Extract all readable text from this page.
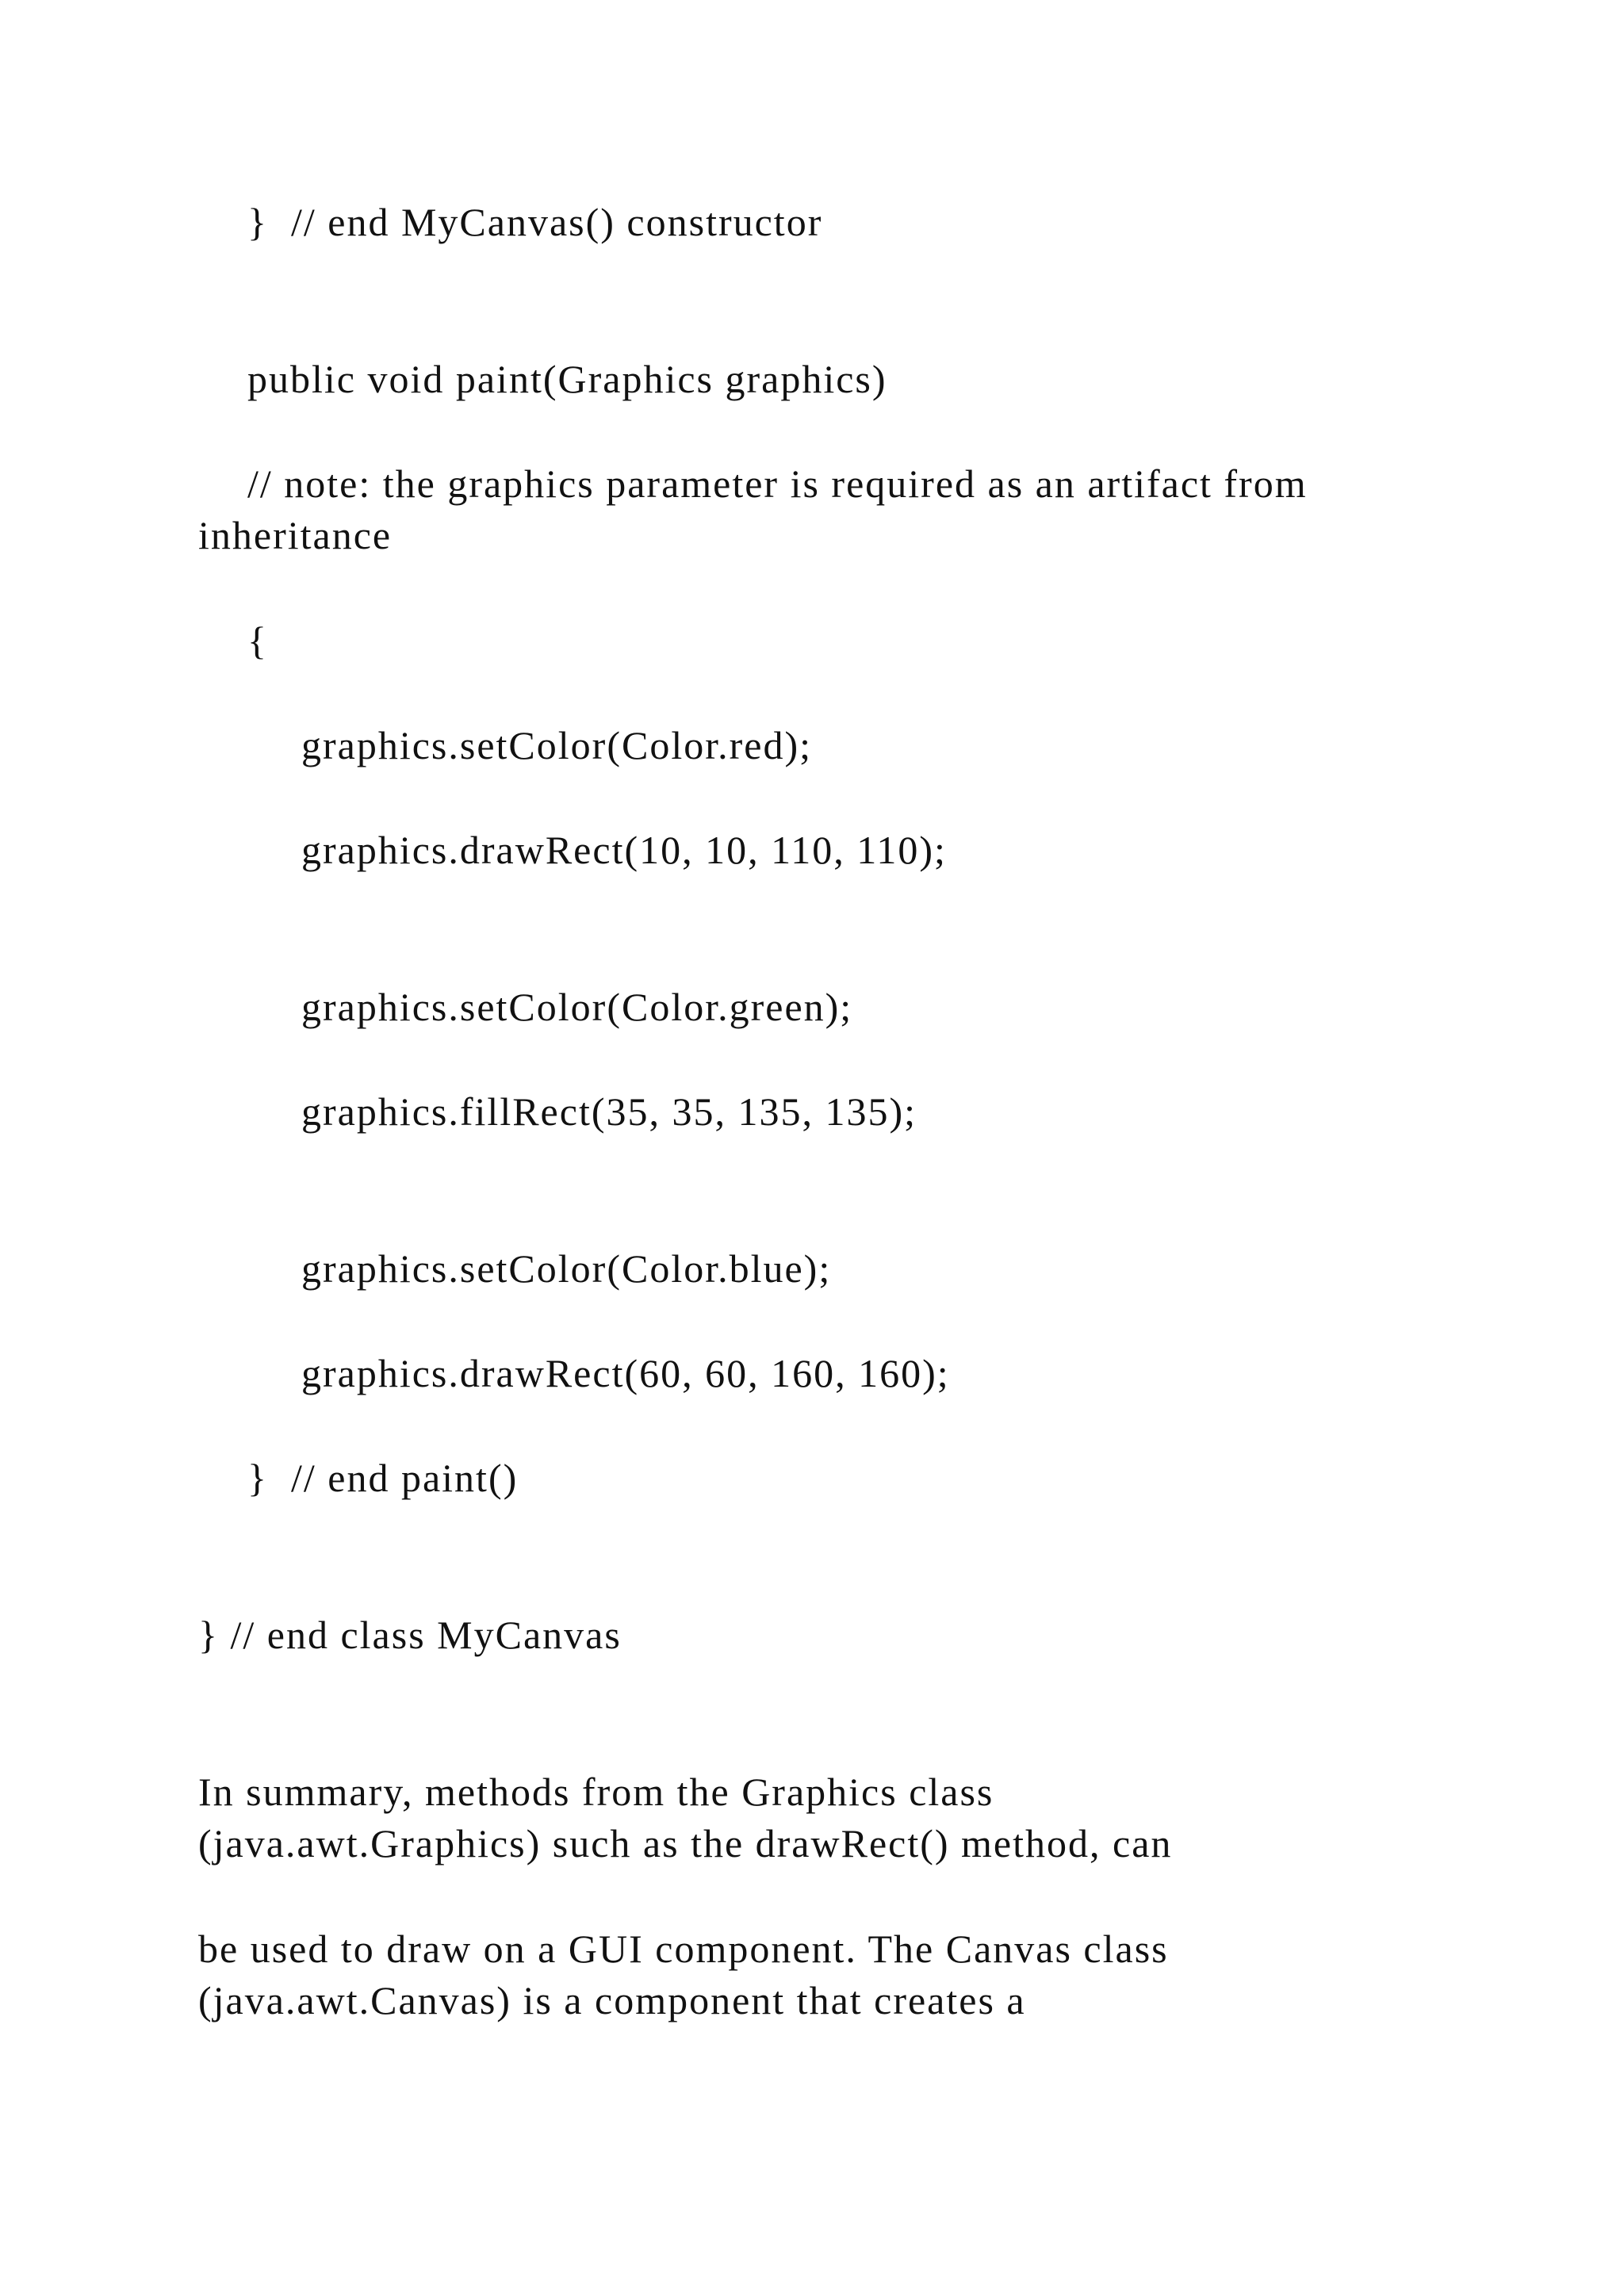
}  // end MyCanvas() constructor
public void paint(Graphics graphics)
// note: the graphics parameter is required as an artifact from
inheritance
{
graphics.setColor(Color.red);
graphics.drawRect(10, 10, 110, 110);
graphics.setColor(Color.green);
graphics.fillRect(35, 35, 135, 135);
graphics.setColor(Color.blue);
graphics.drawRect(60, 60, 160, 160);
}  // end paint()
} // end class MyCanvas
In summary, methods from the Graphics class
(java.awt.Graphics) such as the drawRect() method, can
be used to draw on a GUI component. The Canvas class
(java.awt.Canvas) is a component that creates a
